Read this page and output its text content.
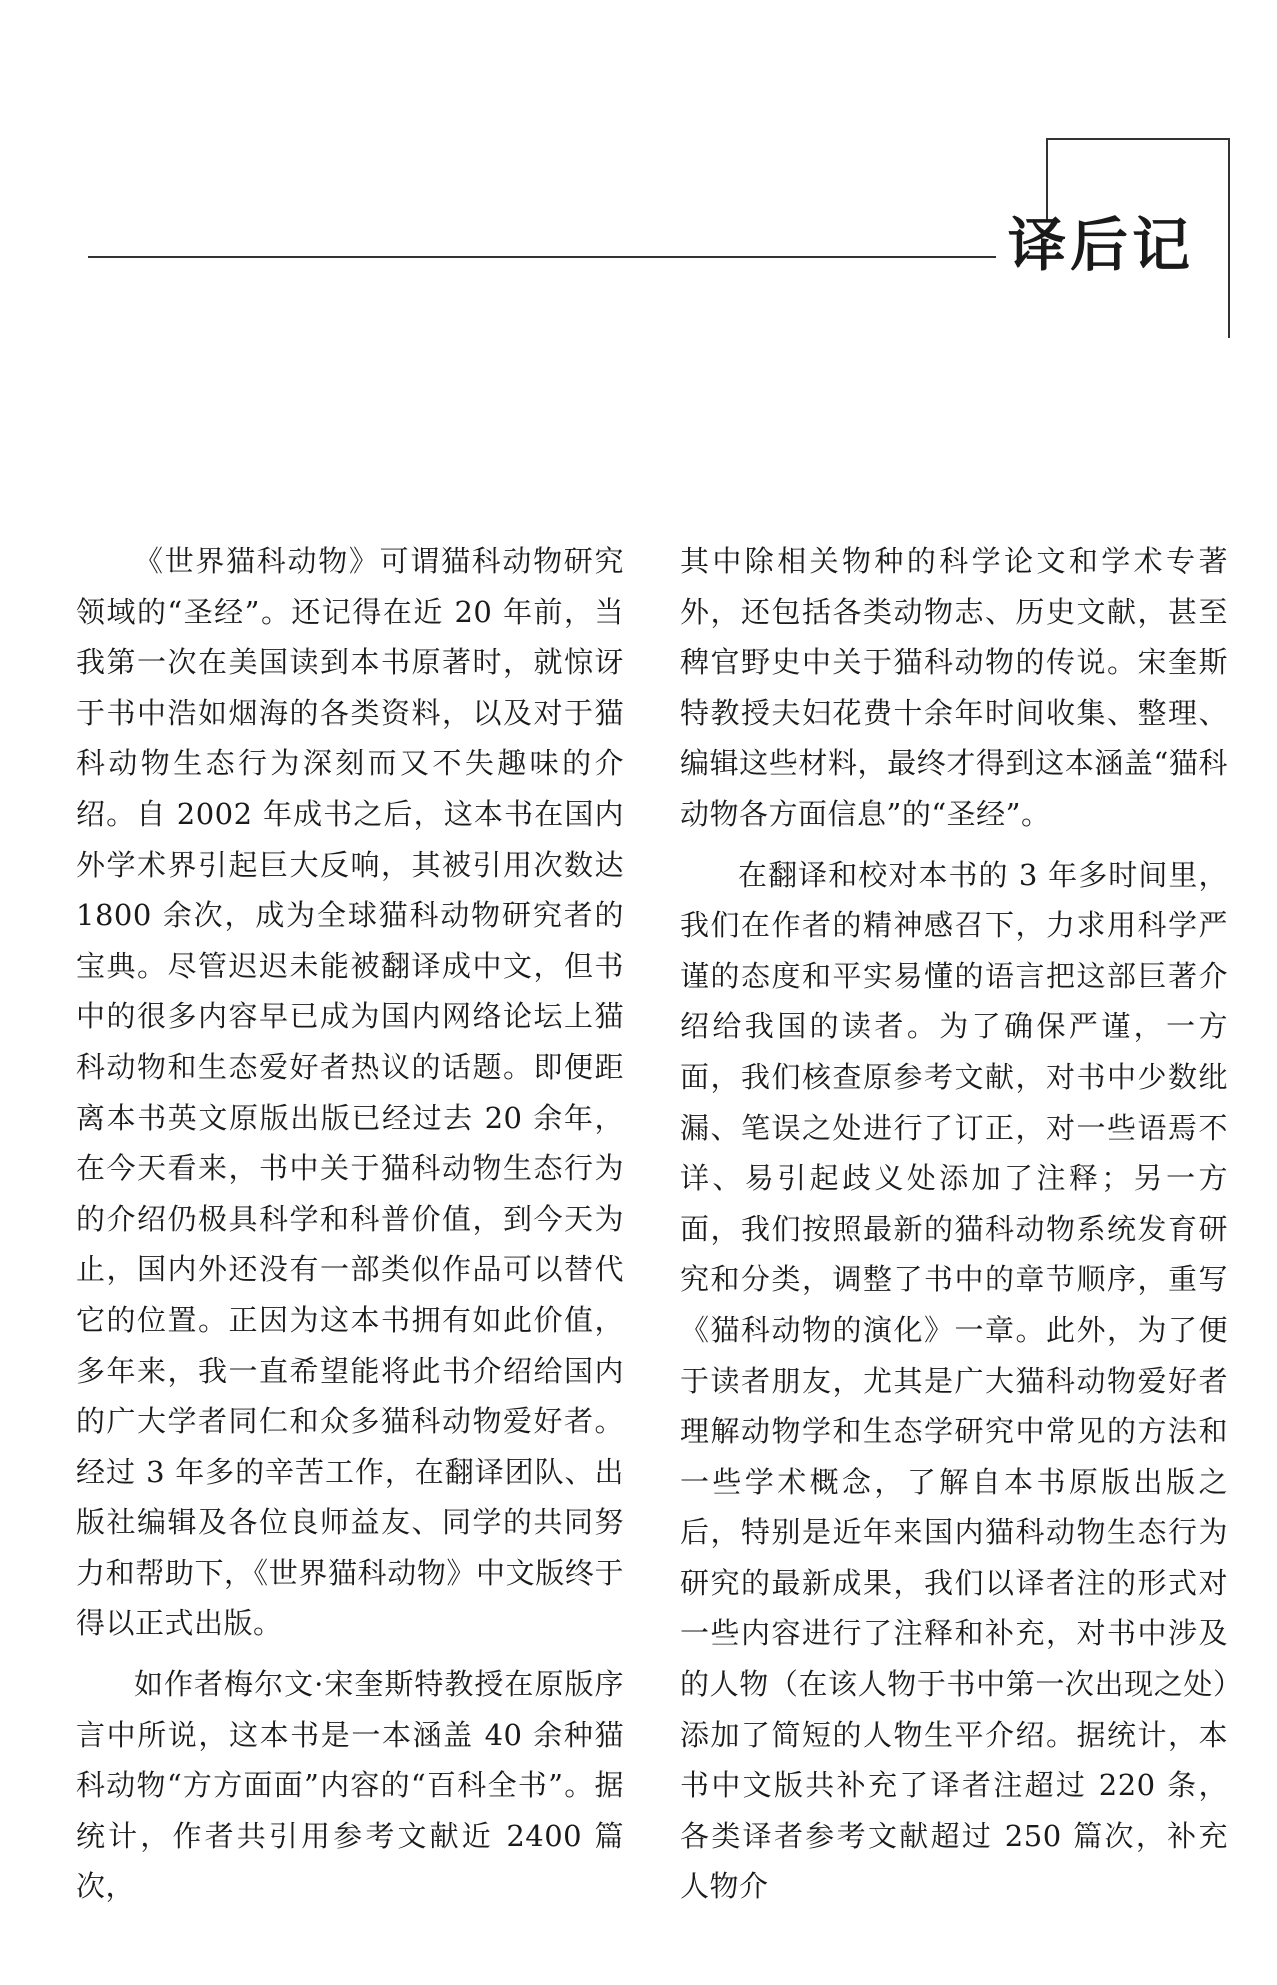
译后记

《世界猫科动物》可谓猫科动物研究领域的“圣经”。还记得在近 20 年前，当我第一次在美国读到本书原著时，就惊讶于书中浩如烟海的各类资料，以及对于猫科动物生态行为深刻而又不失趣味的介绍。自 2002 年成书之后，这本书在国内外学术界引起巨大反响，其被引用次数达 1800 余次，成为全球猫科动物研究者的宝典。尽管迟迟未能被翻译成中文，但书中的很多内容早已成为国内网络论坛上猫科动物和生态爱好者热议的话题。即便距离本书英文原版出版已经过去 20 余年，在今天看来，书中关于猫科动物生态行为的介绍仍极具科学和科普价值，到今天为止，国内外还没有一部类似作品可以替代它的位置。正因为这本书拥有如此价值，多年来，我一直希望能将此书介绍给国内的广大学者同仁和众多猫科动物爱好者。经过 3 年多的辛苦工作，在翻译团队、出版社编辑及各位良师益友、同学的共同努力和帮助下，《世界猫科动物》中文版终于得以正式出版。

如作者梅尔文·宋奎斯特教授在原版序言中所说，这本书是一本涵盖 40 余种猫科动物“方方面面”内容的“百科全书”。据统计，作者共引用参考文献近 2400 篇次，

其中除相关物种的科学论文和学术专著外，还包括各类动物志、历史文献，甚至稗官野史中关于猫科动物的传说。宋奎斯特教授夫妇花费十余年时间收集、整理、编辑这些材料，最终才得到这本涵盖“猫科动物各方面信息”的“圣经”。

在翻译和校对本书的 3 年多时间里，我们在作者的精神感召下，力求用科学严谨的态度和平实易懂的语言把这部巨著介绍给我国的读者。为了确保严谨，一方面，我们核查原参考文献，对书中少数纰漏、笔误之处进行了订正，对一些语焉不详、易引起歧义处添加了注释；另一方面，我们按照最新的猫科动物系统发育研究和分类，调整了书中的章节顺序，重写《猫科动物的演化》一章。此外，为了便于读者朋友，尤其是广大猫科动物爱好者理解动物学和生态学研究中常见的方法和一些学术概念，了解自本书原版出版之后，特别是近年来国内猫科动物生态行为研究的最新成果，我们以译者注的形式对一些内容进行了注释和补充，对书中涉及的人物（在该人物于书中第一次出现之处）添加了简短的人物生平介绍。据统计，本书中文版共补充了译者注超过 220 条，各类译者参考文献超过 250 篇次，补充人物介
